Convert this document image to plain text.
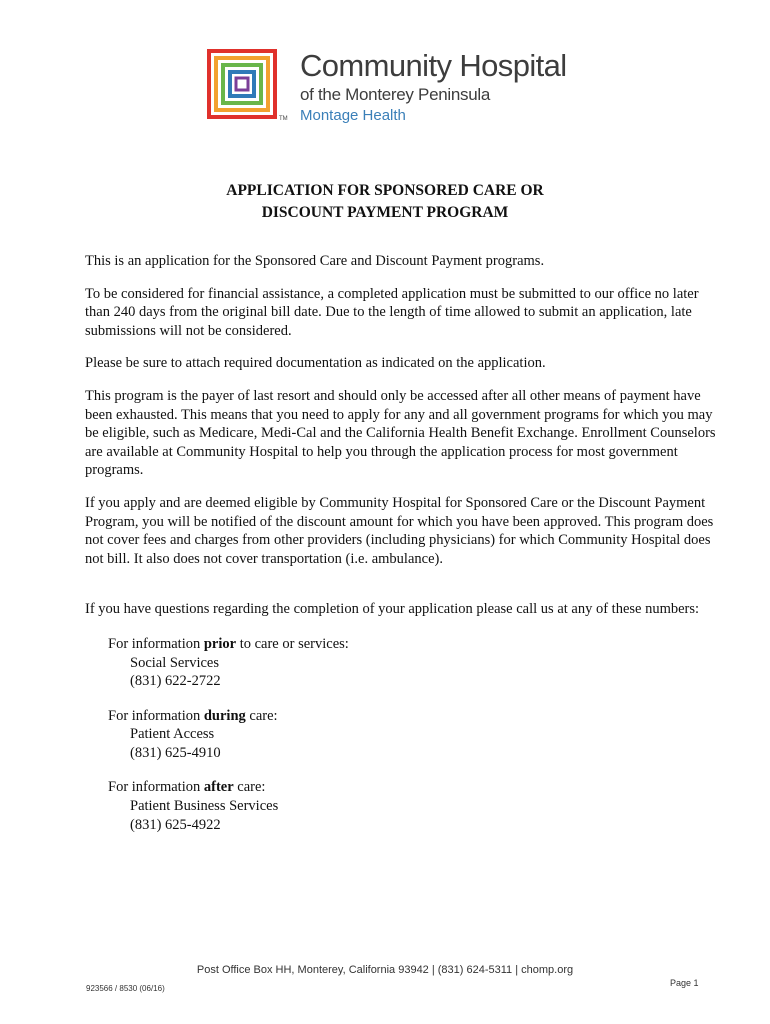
TM
Community Hospital
of the Monterey Peninsula
Montage Health
APPLICATION FOR SPONSORED CARE OR
DISCOUNT PAYMENT PROGRAM

This is an application for the Sponsored Care and Discount Payment programs.

To be considered for financial assistance, a completed application must be submitted to our office no later than 240 days from the original bill date. Due to the length of time allowed to submit an application, late submissions will not be considered.

Please be sure to attach required documentation as indicated on the application.

This program is the payer of last resort and should only be accessed after all other means of payment have been exhausted. This means that you need to apply for any and all government programs for which you may be eligible, such as Medicare, Medi-Cal and the California Health Benefit Exchange. Enrollment Counselors are available at Community Hospital to help you through the application process for most government programs.

If you apply and are deemed eligible by Community Hospital for Sponsored Care or the Discount Payment Program, you will be notified of the discount amount for which you have been approved. This program does not cover fees and charges from other providers (including physicians) for which Community Hospital does not bill. It also does not cover transportation (i.e. ambulance).

If you have questions regarding the completion of your application please call us at any of these numbers:

For information prior to care or services:
Social Services
(831) 622-2722
For information during care:
Patient Access
(831) 625-4910
For information after care:
Patient Business Services
(831) 625-4922
Post Office Box HH, Monterey, California 93942 | (831) 624-5311 | chomp.org
Page 1
923566 / 8530 (06/16)
